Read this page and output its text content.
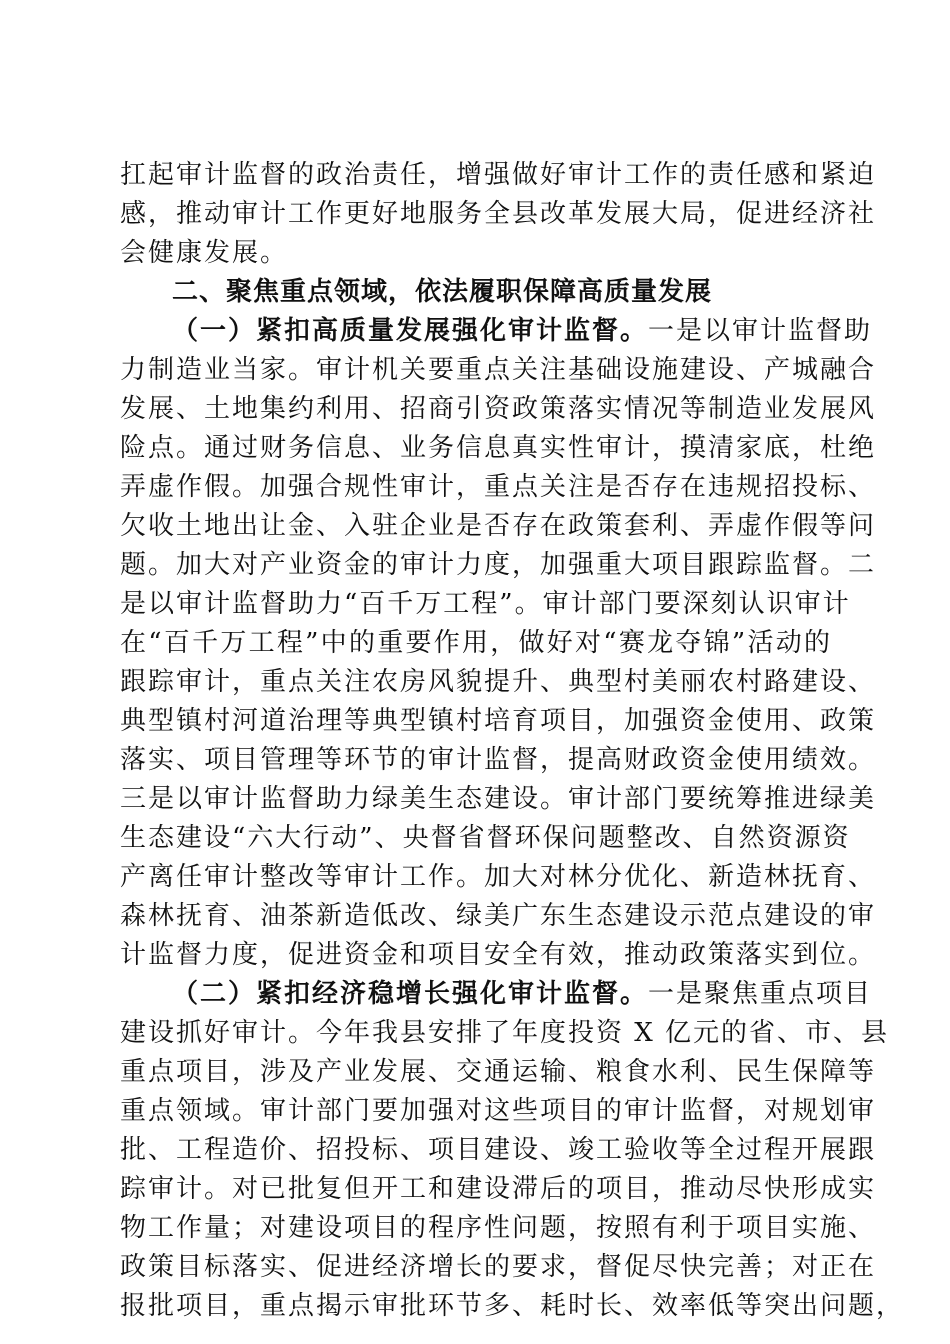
扛起审计监督的政治责任，增强做好审计工作的责任感和紧迫
感，推动审计工作更好地服务全县改革发展大局，促进经济社
会健康发展。
二、聚焦重点领域，依法履职保障高质量发展
（一）紧扣高质量发展强化审计监督。一是以审计监督助
力制造业当家。审计机关要重点关注基础设施建设、产城融合
发展、土地集约利用、招商引资政策落实情况等制造业发展风
险点。通过财务信息、业务信息真实性审计，摸清家底，杜绝
弄虚作假。加强合规性审计，重点关注是否存在违规招投标、
欠收土地出让金、入驻企业是否存在政策套利、弄虚作假等问
题。加大对产业资金的审计力度，加强重大项目跟踪监督。二
是以审计监督助力“百千万工程”。审计部门要深刻认识审计
在“百千万工程”中的重要作用，做好对“赛龙夺锦”活动的
跟踪审计，重点关注农房风貌提升、典型村美丽农村路建设、
典型镇村河道治理等典型镇村培育项目，加强资金使用、政策
落实、项目管理等环节的审计监督，提高财政资金使用绩效。
三是以审计监督助力绿美生态建设。审计部门要统筹推进绿美
生态建设“六大行动”、央督省督环保问题整改、自然资源资
产离任审计整改等审计工作。加大对林分优化、新造林抚育、
森林抚育、油茶新造低改、绿美广东生态建设示范点建设的审
计监督力度，促进资金和项目安全有效，推动政策落实到位。
（二）紧扣经济稳增长强化审计监督。一是聚焦重点项目
建设抓好审计。今年我县安排了年度投资 X 亿元的省、市、县
重点项目，涉及产业发展、交通运输、粮食水利、民生保障等
重点领域。审计部门要加强对这些项目的审计监督，对规划审
批、工程造价、招投标、项目建设、竣工验收等全过程开展跟
踪审计。对已批复但开工和建设滞后的项目，推动尽快形成实
物工作量；对建设项目的程序性问题，按照有利于项目实施、
政策目标落实、促进经济增长的要求，督促尽快完善；对正在
报批项目，重点揭示审批环节多、耗时长、效率低等突出问题，
